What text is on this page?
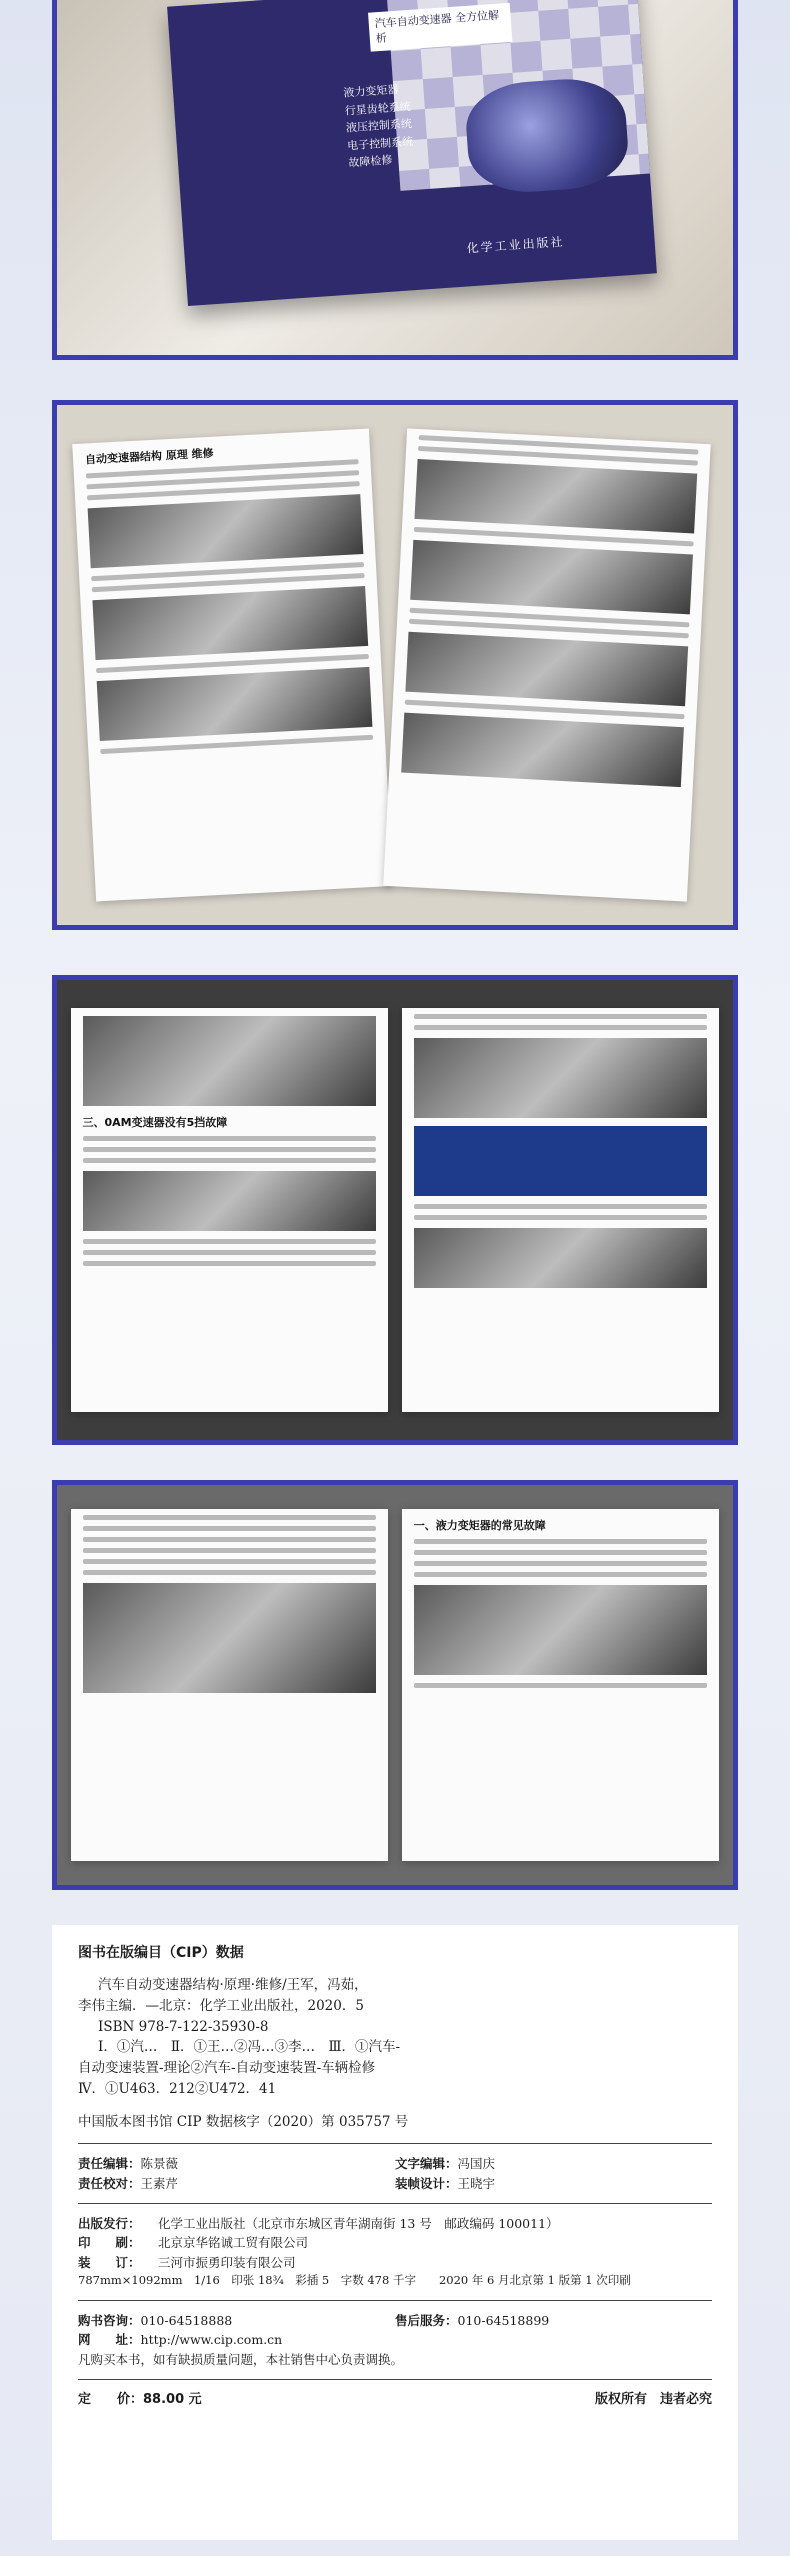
汽车自动变速器 全方位解析
液力变矩器
行星齿轮系统
液压控制系统
电子控制系统
故障检修
化学工业出版社
自动变速器结构 原理 维修
三、0AM变速器没有5挡故障
一、液力变矩器的常见故障
图书在版编目（CIP）数据
汽车自动变速器结构·原理·维修/王军，冯茹，
李伟主编．—北京：化学工业出版社，2020．5
ISBN 978-7-122-35930-8
Ⅰ．①汽…　Ⅱ．①王…②冯…③李…　Ⅲ．①汽车-
自动变速装置-理论②汽车-自动变速装置-车辆检修
Ⅳ．①U463．212②U472．41
中国版本图书馆 CIP 数据核字（2020）第 035757 号
责任编辑：陈景薇	文字编辑：冯国庆
责任校对：王素芹	装帧设计：王晓宇
出版发行：	化学工业出版社（北京市东城区青年湖南街 13 号　邮政编码 100011）
印　　刷：	北京京华铭诚工贸有限公司
装　　订：	三河市振勇印装有限公司
787mm×1092mm　1/16　印张 18¾　彩插 5　字数 478 千字　　2020 年 6 月北京第 1 版第 1 次印刷
购书咨询：010-64518888	售后服务：010-64518899
网　　址：http://www.cip.com.cn
凡购买本书，如有缺损质量问题，本社销售中心负责调换。
定　　价：88.00 元	版权所有　违者必究
